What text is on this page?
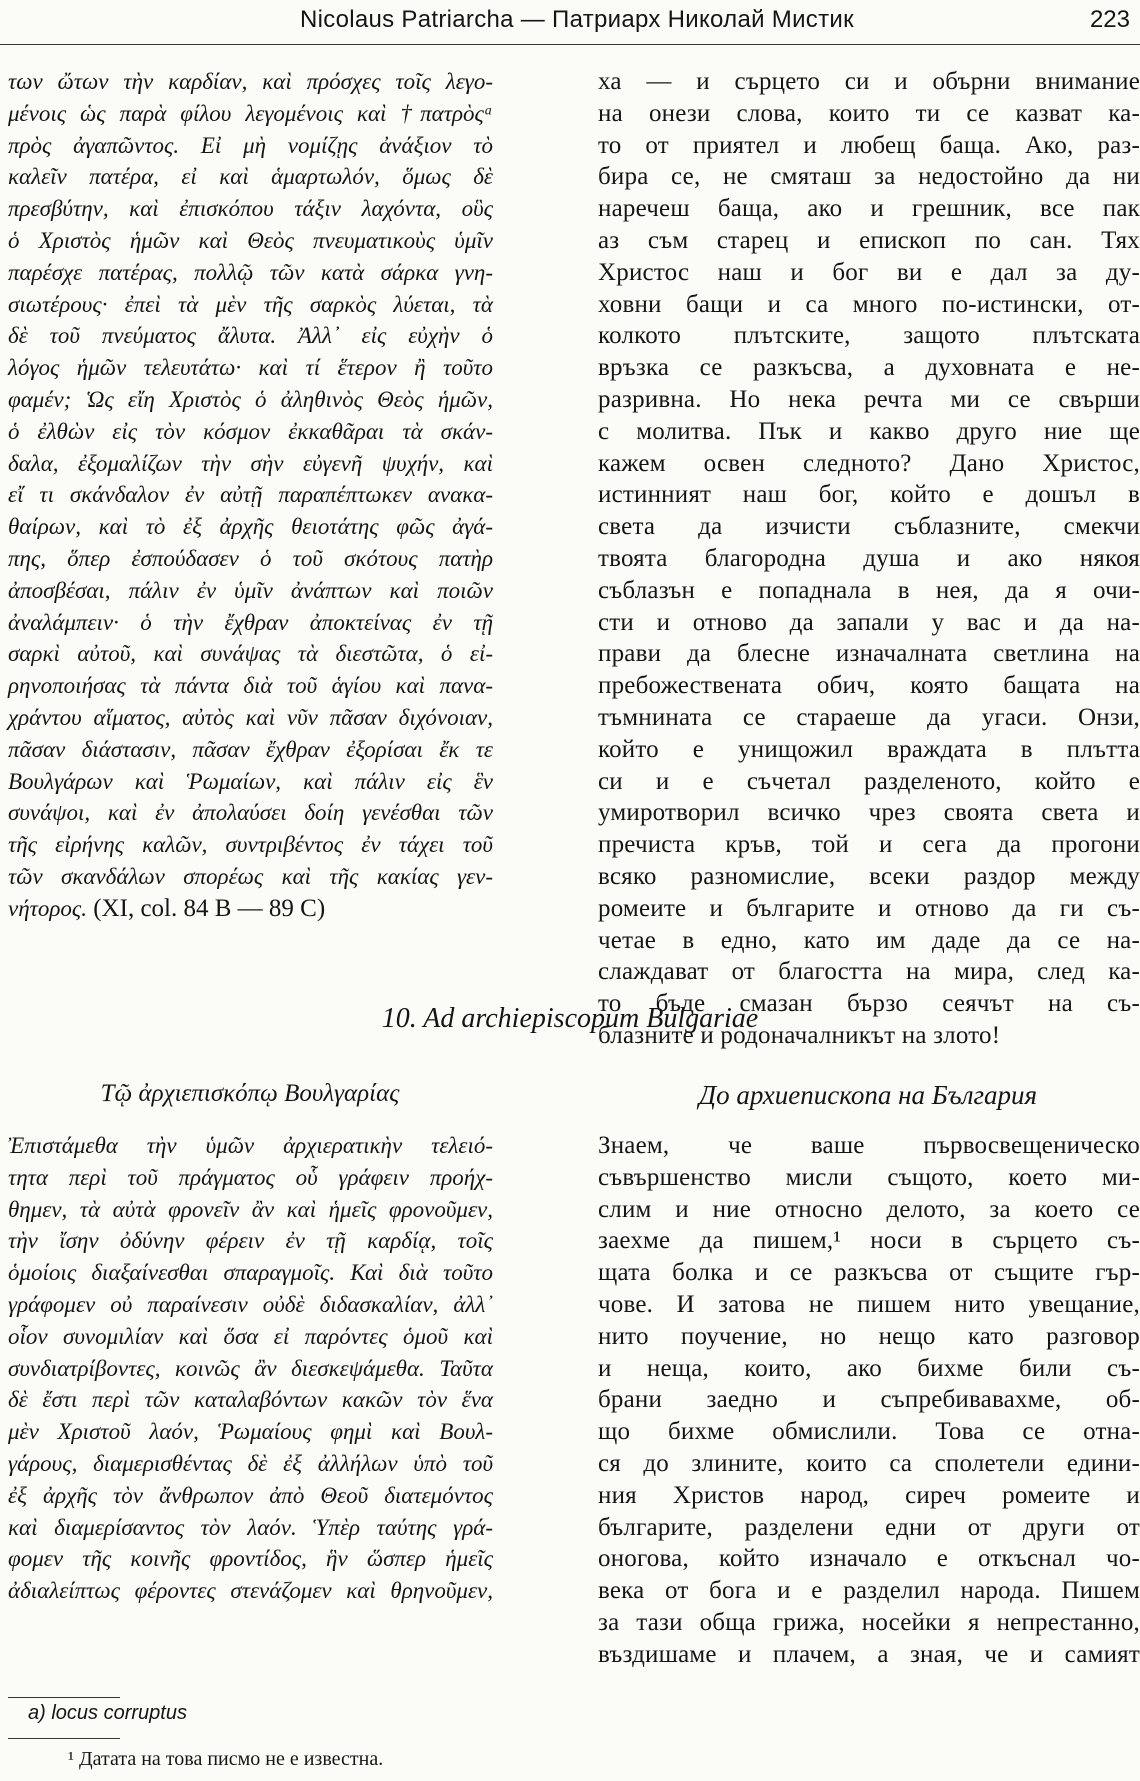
Nicolaus Patriarcha — Патриарх Николай Мистик	223
των ὤτων τὴν καρδίαν, καὶ πρόσχες τοῖς λεγο-
μένοις ὡς παρὰ φίλου λεγομένοις καὶ †πατρὸςᵃ
πρὸς ἀγαπῶντος. Εἰ μὴ νομίζῃς ἀνάξιον τὸ
καλεῖν πατέρα, εἰ καὶ ἁμαρτωλόν, ὅμως δὲ
πρεσβύτην, καὶ ἐπισκόπου τάξιν λαχόντα, οὓς
ὁ Χριστὸς ἡμῶν καὶ Θεὸς πνευματικοὺς ὑμῖν
παρέσχε πατέρας, πολλῷ τῶν κατὰ σάρκα γνη-
σιωτέρους· ἐπεὶ τὰ μὲν τῆς σαρκὸς λύεται, τὰ
δὲ τοῦ πνεύματος ἄλυτα. Ἀλλ᾽ εἰς εὐχὴν ὁ
λόγος ἡμῶν τελευτάτω· καὶ τί ἕτερον ἢ τοῦτο
φαμέν; Ὡς εἴη Χριστὸς ὁ ἀληθινὸς Θεὸς ἡμῶν,
ὁ ἐλθὼν εἰς τὸν κόσμον ἐκκαθᾶραι τὰ σκάν-
δαλα, ἐξομαλίζων τὴν σὴν εὐγενῆ ψυχήν, καὶ
εἴ τι σκάνδαλον ἐν αὐτῇ παραπέπτωκεν ανακα-
θαίρων, καὶ τὸ ἐξ ἀρχῆς θειοτάτης φῶς ἀγά-
πης, ὅπερ ἐσπούδασεν ὁ τοῦ σκότους πατὴρ
ἀποσβέσαι, πάλιν ἐν ὑμῖν ἀνάπτων καὶ ποιῶν
ἀναλάμπειν· ὁ τὴν ἔχθραν ἀποκτείνας ἐν τῇ
σαρκὶ αὐτοῦ, καὶ συνάψας τὰ διεστῶτα, ὁ εἰ-
ρηνοποιήσας τὰ πάντα διὰ τοῦ ἁγίου καὶ πανα-
χράντου αἵματος, αὐτὸς καὶ νῦν πᾶσαν διχόνοιαν,
πᾶσαν διάστασιν, πᾶσαν ἔχθραν ἐξορίσαι ἔκ τε
Βουλγάρων καὶ Ῥωμαίων, καὶ πάλιν εἰς ἓν
συνάψοι, καὶ ἐν ἀπολαύσει δοίη γενέσθαι τῶν
τῆς εἰρήνης καλῶν, συντριβέντος ἐν τάχει τοῦ
τῶν σκανδάλων σπορέως καὶ τῆς κακίας γεν-
νήτορος. (XI, col. 84 B — 89 C)
ха — и сърцето си и обърни внимание
на онези слова, които ти се казват ка-
то от приятел и любещ баща. Ако, раз-
бира се, не смяташ за недостойно да ни
наречеш баща, ако и грешник, все пак
аз съм старец и епископ по сан. Тях
Христос наш и бог ви е дал за ду-
ховни бащи и са много по-истински, от-
колкото плътските, защото плътската
връзка се разкъсва, а духовната е не-
разривна. Но нека речта ми се свърши
с молитва. Пък и какво друго ние ще
кажем освен следното? Дано Христос,
истинният наш бог, който е дошъл в
света да изчисти съблазните, смекчи
твоята благородна душа и ако някоя
съблазън е попаднала в нея, да я очи-
сти и отново да запали у вас и да на-
прави да блесне изначалната светлина на
пребожествената обич, която бащата на
тъмнината се стараеше да угаси. Онзи,
който е унищожил враждата в плътта
си и е съчетал разделеното, който е
умиротворил всичко чрез своята света и
пречиста кръв, той и сега да прогони
всяко разномислие, всеки раздор между
ромеите и българите и отново да ги съ-
четае в едно, като им даде да се на-
слаждават от благостта на мира, след ка-
то бъде смазан бързо сеячът на съ-
блазните и родоначалникът на злото!
10. Ad archiepiscopum Bulgariae
Τῷ ἀρχιεπισκόπῳ Βουλγαρίας	До архиепископа на България
Ἐπιστάμεθα τὴν ὑμῶν ἀρχιερατικὴν τελειό-
τητα περὶ τοῦ πράγματος οὗ γράφειν προήχ-
θημεν, τὰ αὐτὰ φρονεῖν ἂν καὶ ἡμεῖς φρονοῦμεν,
τὴν ἴσην ὀδύνην φέρειν ἐν τῇ καρδίᾳ, τοῖς
ὁμοίοις διαξαίνεσθαι σπαραγμοῖς. Καὶ διὰ τοῦτο
γράφομεν οὐ παραίνεσιν οὐδὲ διδασκαλίαν, ἀλλ᾽
οἷον συνομιλίαν καὶ ὅσα εἰ παρόντες ὁμοῦ καὶ
συνδιατρίβοντες, κοινῶς ἂν διεσκεψάμεθα. Ταῦτα
δὲ ἔστι περὶ τῶν καταλαβόντων κακῶν τὸν ἕνα
μὲν Χριστοῦ λαόν, Ῥωμαίους φημὶ καὶ Βουλ-
γάρους, διαμερισθέντας δὲ ἐξ ἀλλήλων ὑπὸ τοῦ
ἐξ ἀρχῆς τὸν ἄνθρωπον ἀπὸ Θεοῦ διατεμόντος
καὶ διαμερίσαντος τὸν λαόν. Ὑπὲρ ταύτης γρά-
φομεν τῆς κοινῆς φροντίδος, ἣν ὥσπερ ἡμεῖς
ἀδιαλείπτως φέροντες στενάζομεν καὶ θρηνοῦμεν,
Знаем, че ваше първосвещеническо
съвършенство мисли същото, което ми-
слим и ние относно делото, за което се
заехме да пишем,¹ носи в сърцето съ-
щата болка и се разкъсва от същите гър-
чове. И затова не пишем нито увещание,
нито поучение, но нещо като разговор
и неща, които, ако бихме били съ-
брани заедно и съпребивавахме, об-
що бихме обмислили. Това се отна-
ся до злините, които са сполетели едини-
ния Христов народ, сиреч ромеите и
българите, разделени едни от други от
оногова, който изначало е откъснал чо-
века от бога и е разделил народа. Пишем
за тази обща грижа, носейки я непрестанно,
въздишаме и плачем, а зная, че и самият
a) locus corruptus
¹ Датата на това писмо не е известна.
